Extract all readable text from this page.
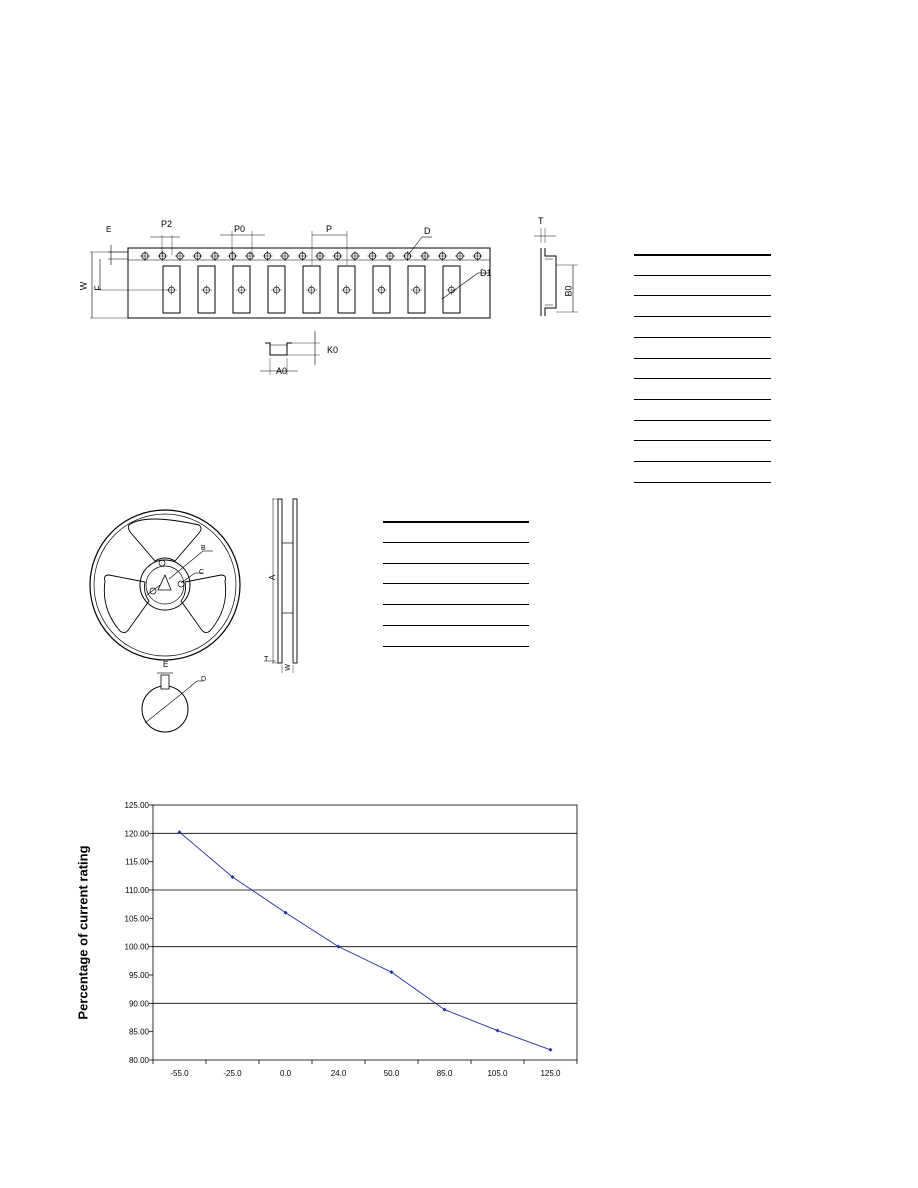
E
P2	P0	P	D
W F
D1
K0
A0
T
B0
B
C
E
D
A
T
W
Percentage of current rating
125.00
120.00
115.00
110.00
105.00
100.00
95.00
90.00
85.00
80.00
-55.0	-25.0	0.0	24.0	50.0	85.0	105.0	125.0
